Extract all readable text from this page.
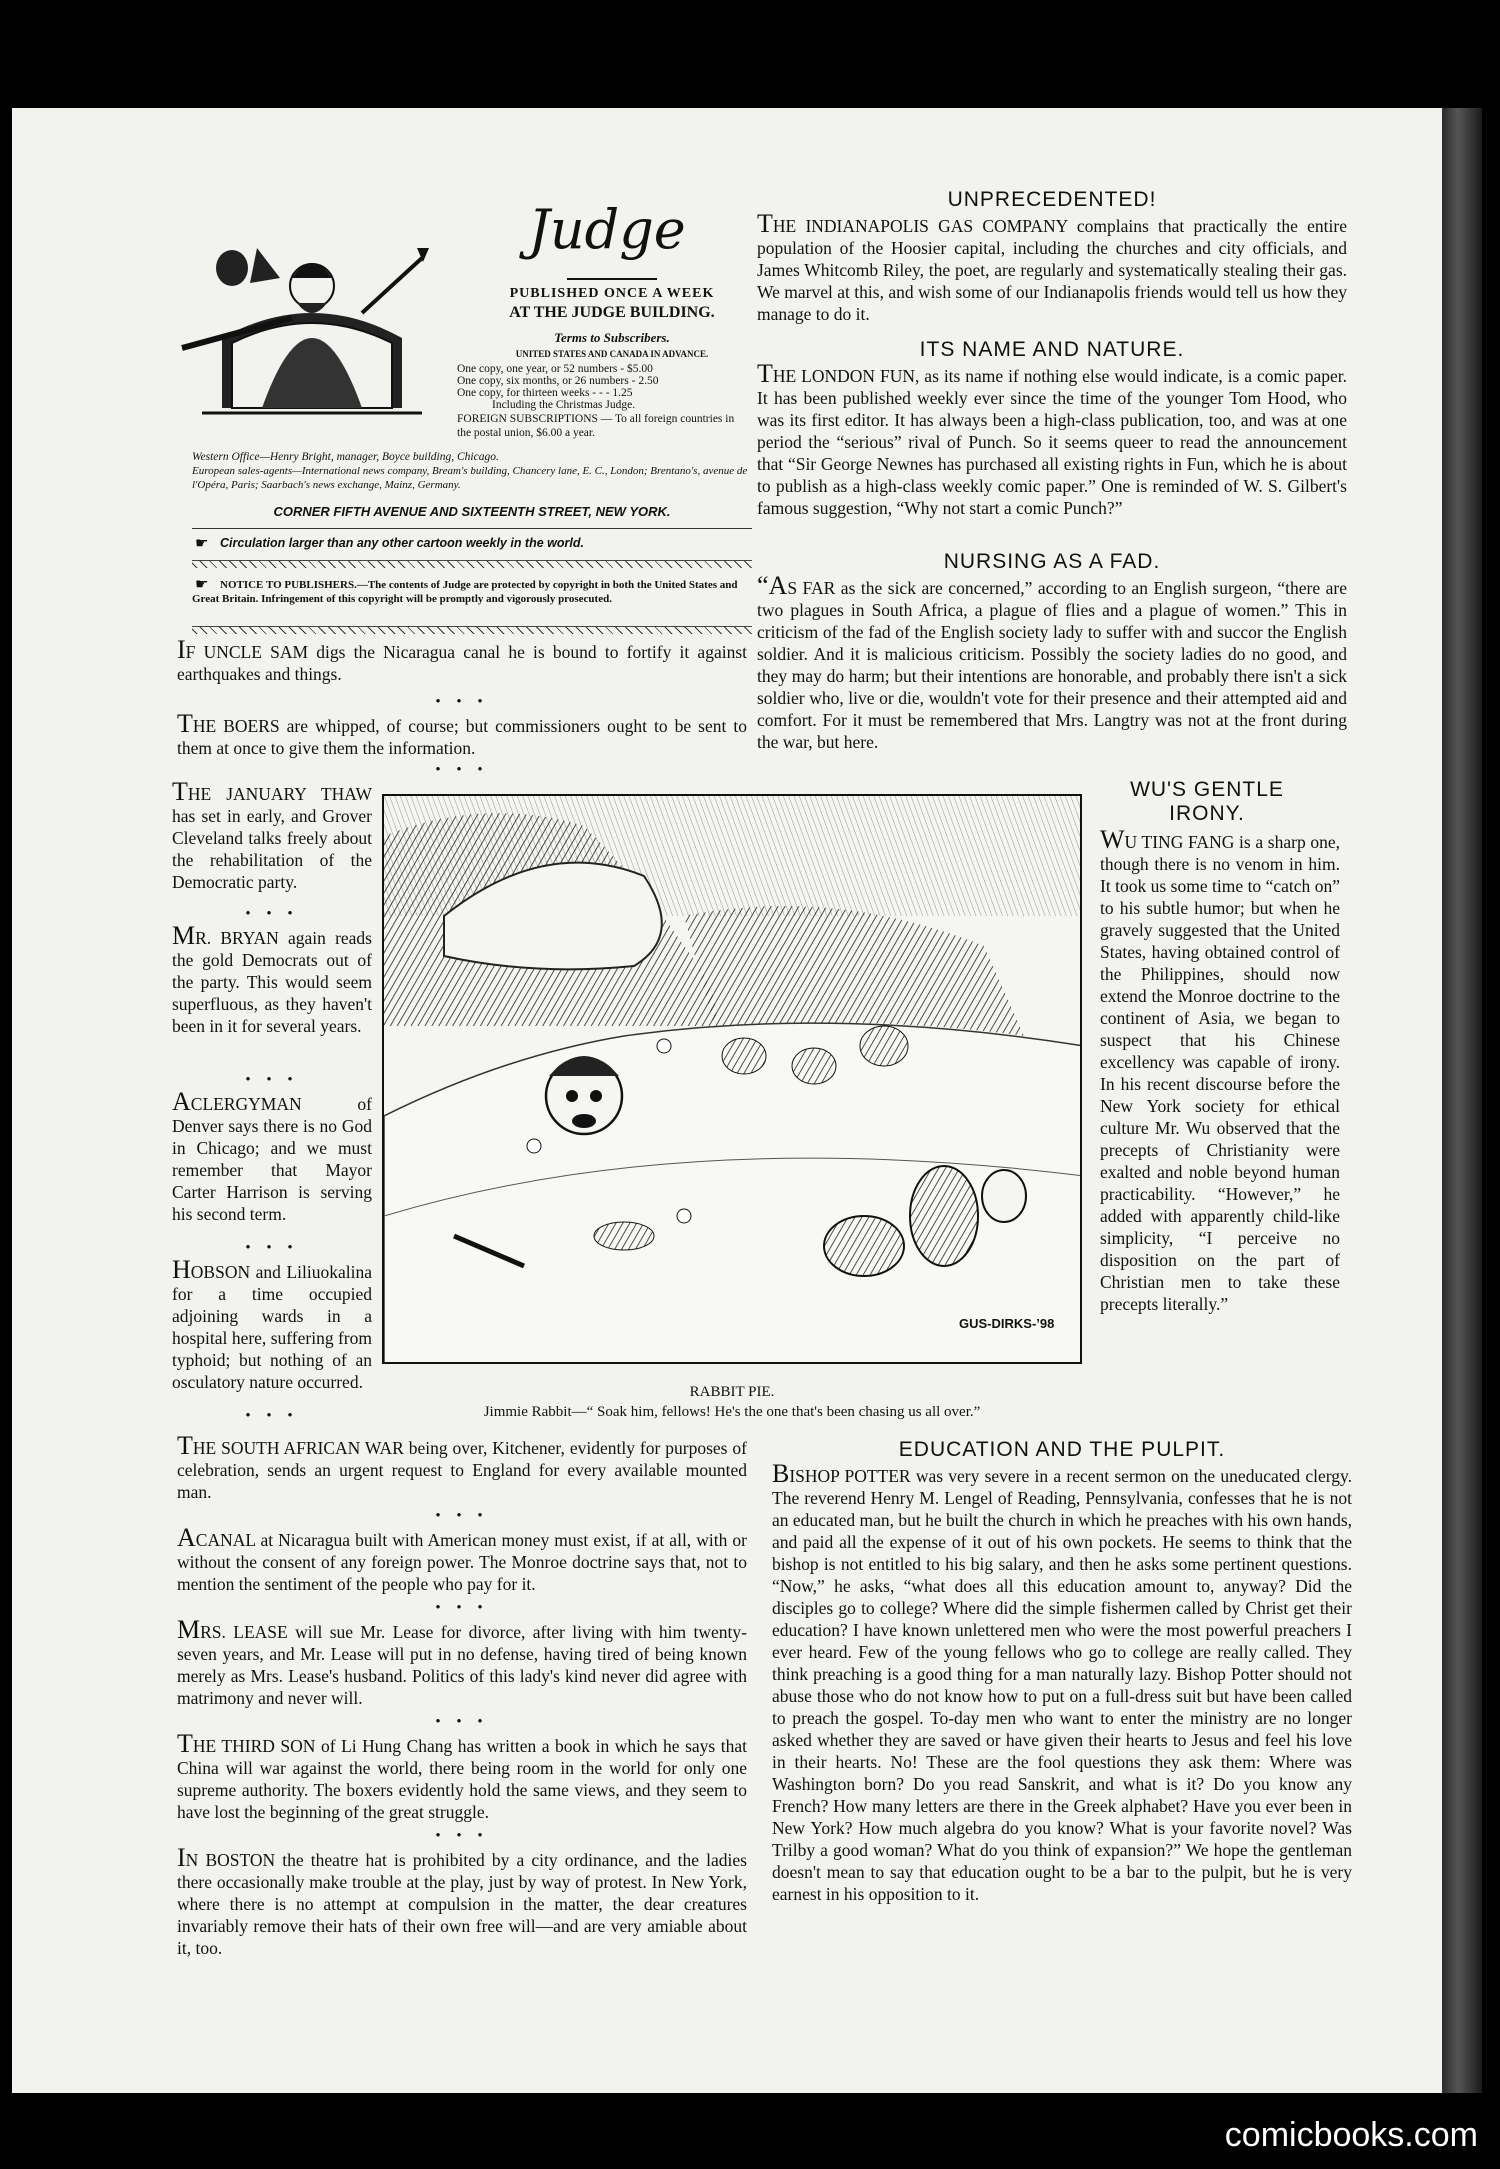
Judge
PUBLISHED ONCE A WEEK
AT THE JUDGE BUILDING.
Terms to Subscribers.
UNITED STATES AND CANADA IN ADVANCE.
One copy, one year, or 52 numbers - $5.00
One copy, six months, or 26 numbers - 2.50
One copy, for thirteen weeks - - - 1.25
Including the Christmas Judge.
FOREIGN SUBSCRIPTIONS — To all foreign countries in the postal union, $6.00 a year.
Western Office—Henry Bright, manager, Boyce building, Chicago.
European sales-agents—International news company, Bream's building, Chancery lane, E. C., London; Brentano's, avenue de l'Opéra, Paris; Saarbach's news exchange, Mainz, Germany.
CORNER FIFTH AVENUE AND SIXTEENTH STREET, NEW YORK.
☛ Circulation larger than any other cartoon weekly in the world.
☛	NOTICE TO PUBLISHERS.—The contents of Judge are protected by copyright in both the United States and Great Britain. Infringement of this copyright will be promptly and vigorously prosecuted.
IF UNCLE SAM digs the Nicaragua canal he is bound to fortify it against earthquakes and things.
• • •
THE BOERS are whipped, of course; but commissioners ought to be sent to them at once to give them the information.
• • •
THE JANUARY THAW has set in early, and Grover Cleveland talks freely about the rehabilitation of the Democratic party.
• • •
MR. BRYAN again reads the gold Democrats out of the party. This would seem superfluous, as they haven't been in it for several years.
• • •
ACLERGYMAN of Denver says there is no God in Chicago; and we must remember that Mayor Carter Harrison is serving his second term.
• • •
HOBSON and Liliuokalina for a time occupied adjoining wards in a hospital here, suffering from typhoid; but nothing of an osculatory nature occurred.
• • •
GUS-DIRKS-’98
RABBIT PIE.
Jimmie Rabbit—“ Soak him, fellows! He's the one that's been chasing us all over.”
UNPRECEDENTED!
THE INDIANAPOLIS GAS COMPANY complains that practically the entire population of the Hoosier capital, including the churches and city officials, and James Whitcomb Riley, the poet, are regularly and systematically stealing their gas. We marvel at this, and wish some of our Indianapolis friends would tell us how they manage to do it.
ITS NAME AND NATURE.
THE LONDON FUN, as its name if nothing else would indicate, is a comic paper. It has been published weekly ever since the time of the younger Tom Hood, who was its first editor. It has always been a high-class publication, too, and was at one period the “serious” rival of Punch. So it seems queer to read the announcement that “Sir George Newnes has purchased all existing rights in Fun, which he is about to publish as a high-class weekly comic paper.” One is reminded of W. S. Gilbert's famous suggestion, “Why not start a comic Punch?”
NURSING AS A FAD.
“AS FAR as the sick are concerned,” according to an English surgeon, “there are two plagues in South Africa, a plague of flies and a plague of women.” This in criticism of the fad of the English society lady to suffer with and succor the English soldier. And it is malicious criticism. Possibly the society ladies do no good, and they may do harm; but their intentions are honorable, and probably there isn't a sick soldier who, live or die, wouldn't vote for their presence and their attempted aid and comfort. For it must be remembered that Mrs. Langtry was not at the front during the war, but here.
WU'S GENTLE
IRONY.
WU TING FANG is a sharp one, though there is no venom in him. It took us some time to “catch on” to his subtle humor; but when he gravely suggested that the United States, having obtained control of the Philippines, should now extend the Monroe doctrine to the continent of Asia, we began to suspect that his Chinese excellency was capable of irony. In his recent discourse before the New York society for ethical culture Mr. Wu observed that the precepts of Christianity were exalted and noble beyond human practicability. “However,” he added with apparently child-like simplicity, “I perceive no disposition on the part of Christian men to take these precepts literally.”
THE SOUTH AFRICAN WAR being over, Kitchener, evidently for purposes of celebration, sends an urgent request to England for every available mounted man.
• • •
ACANAL at Nicaragua built with American money must exist, if at all, with or without the consent of any foreign power. The Monroe doctrine says that, not to mention the sentiment of the people who pay for it.
• • •
MRS. LEASE will sue Mr. Lease for divorce, after living with him twenty-seven years, and Mr. Lease will put in no defense, having tired of being known merely as Mrs. Lease's husband. Politics of this lady's kind never did agree with matrimony and never will.
• • •
THE THIRD SON of Li Hung Chang has written a book in which he says that China will war against the world, there being room in the world for only one supreme authority. The boxers evidently hold the same views, and they seem to have lost the beginning of the great struggle.
• • •
IN BOSTON the theatre hat is prohibited by a city ordinance, and the ladies there occasionally make trouble at the play, just by way of protest. In New York, where there is no attempt at compulsion in the matter, the dear creatures invariably remove their hats of their own free will—and are very amiable about it, too.
EDUCATION AND THE PULPIT.
BISHOP POTTER was very severe in a recent sermon on the uneducated clergy. The reverend Henry M. Lengel of Reading, Pennsylvania, confesses that he is not an educated man, but he built the church in which he preaches with his own hands, and paid all the expense of it out of his own pockets. He seems to think that the bishop is not entitled to his big salary, and then he asks some pertinent questions. “Now,” he asks, “what does all this education amount to, anyway? Did the disciples go to college? Where did the simple fishermen called by Christ get their education? I have known unlettered men who were the most powerful preachers I ever heard. Few of the young fellows who go to college are really called. They think preaching is a good thing for a man naturally lazy. Bishop Potter should not abuse those who do not know how to put on a full-dress suit but have been called to preach the gospel. To-day men who want to enter the ministry are no longer asked whether they are saved or have given their hearts to Jesus and feel his love in their hearts. No! These are the fool questions they ask them: Where was Washington born? Do you read Sanskrit, and what is it? Do you know any French? How many letters are there in the Greek alphabet? Have you ever been in New York? How much algebra do you know? What is your favorite novel? Was Trilby a good woman? What do you think of expansion?” We hope the gentleman doesn't mean to say that education ought to be a bar to the pulpit, but he is very earnest in his opposition to it.
comicbooks.com
